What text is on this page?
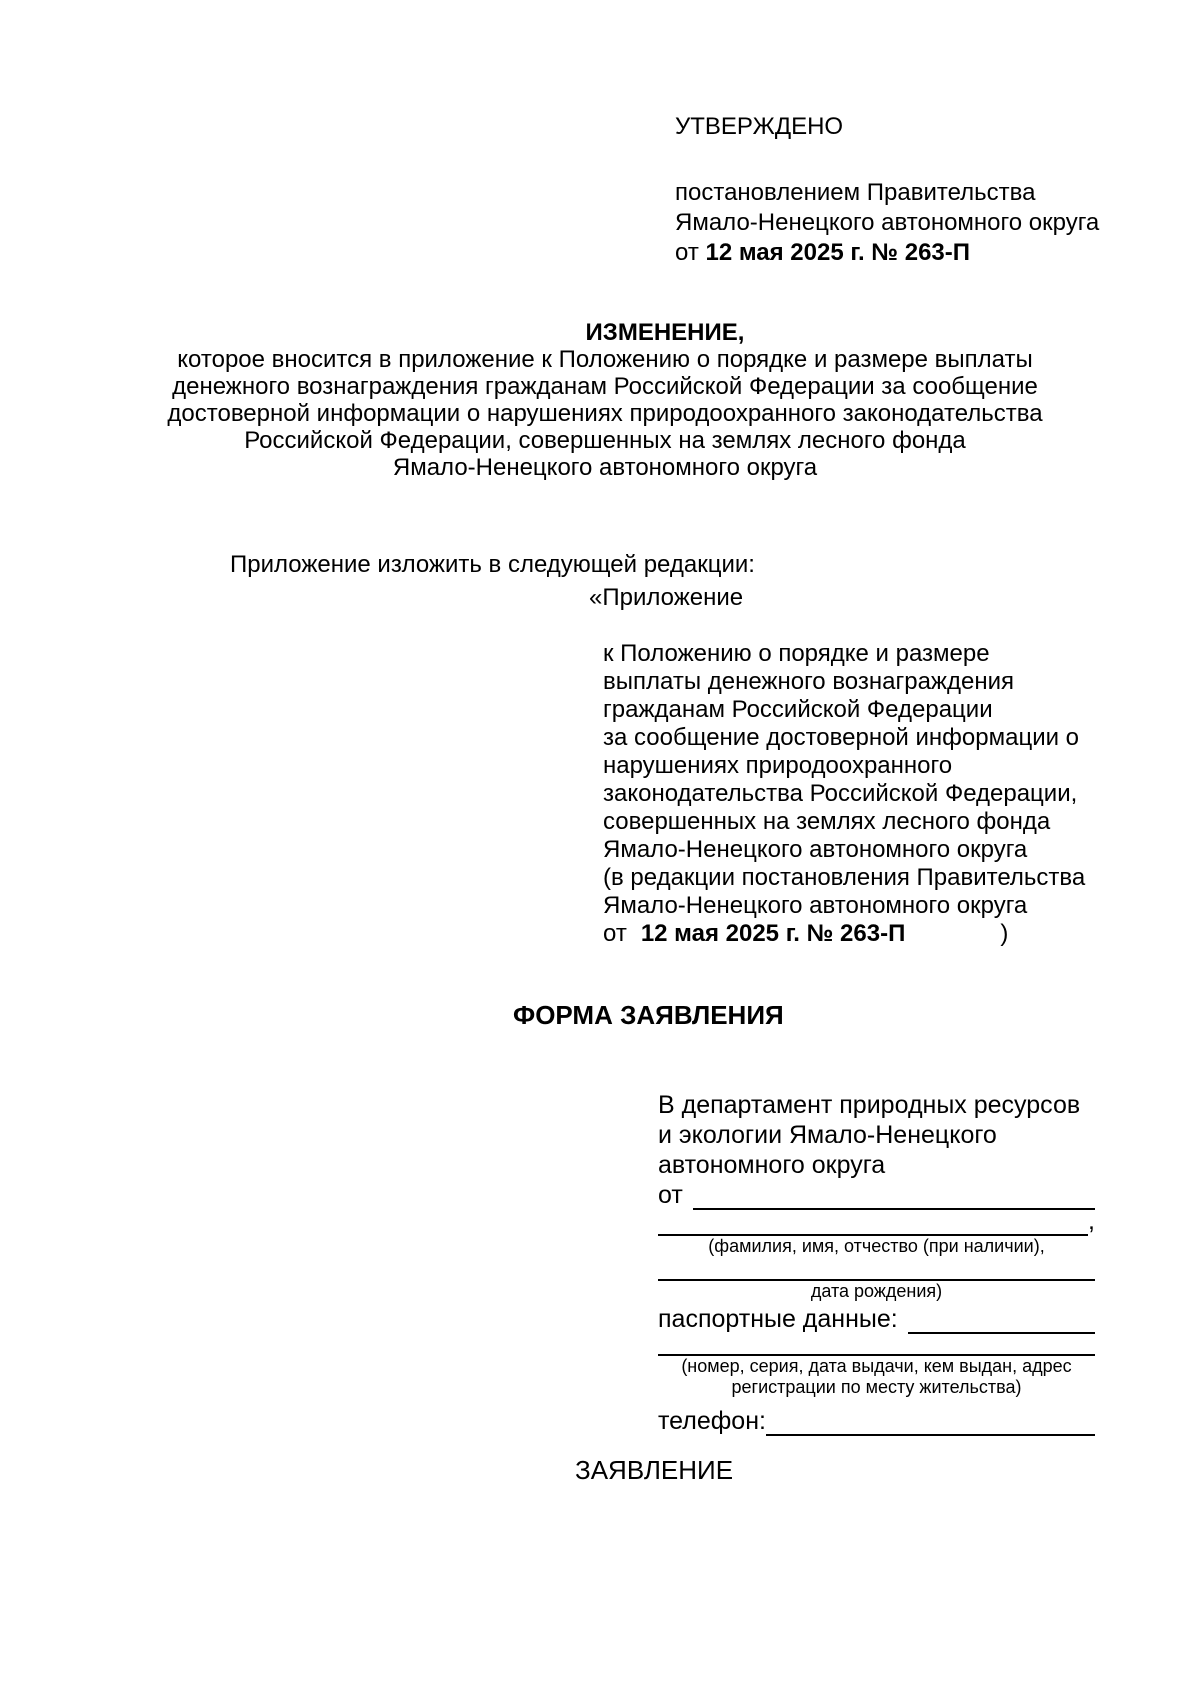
УТВЕРЖДЕНО
постановлением Правительства
Ямало-Ненецкого автономного округа
от 12 мая 2025 г. № 263-П
ИЗМЕНЕНИЕ,
которое вносится в приложение к Положению о порядке и размере выплаты
денежного вознаграждения гражданам Российской Федерации за сообщение
достоверной информации о нарушениях природоохранного законодательства
Российской Федерации, совершенных на землях лесного фонда
Ямало-Ненецкого автономного округа
Приложение изложить в следующей редакции:
«Приложение
к Положению о порядке и размере
выплаты денежного вознаграждения
гражданам Российской Федерации
за сообщение достоверной информации о
нарушениях природоохранного
законодательства Российской Федерации,
совершенных на землях лесного фонда
Ямало-Ненецкого автономного округа
(в редакции постановления Правительства
Ямало-Ненецкого автономного округа
от 12 мая 2025 г. № 263-П	)
ФОРМА ЗАЯВЛЕНИЯ
В департамент природных ресурсов
и экологии Ямало-Ненецкого
автономного округа
от
,
(фамилия, имя, отчество (при наличии),
дата рождения)
паспортные данные:
(номер, серия, дата выдачи, кем выдан, адрес
регистрации по месту жительства)
телефон:
ЗАЯВЛЕНИЕ
